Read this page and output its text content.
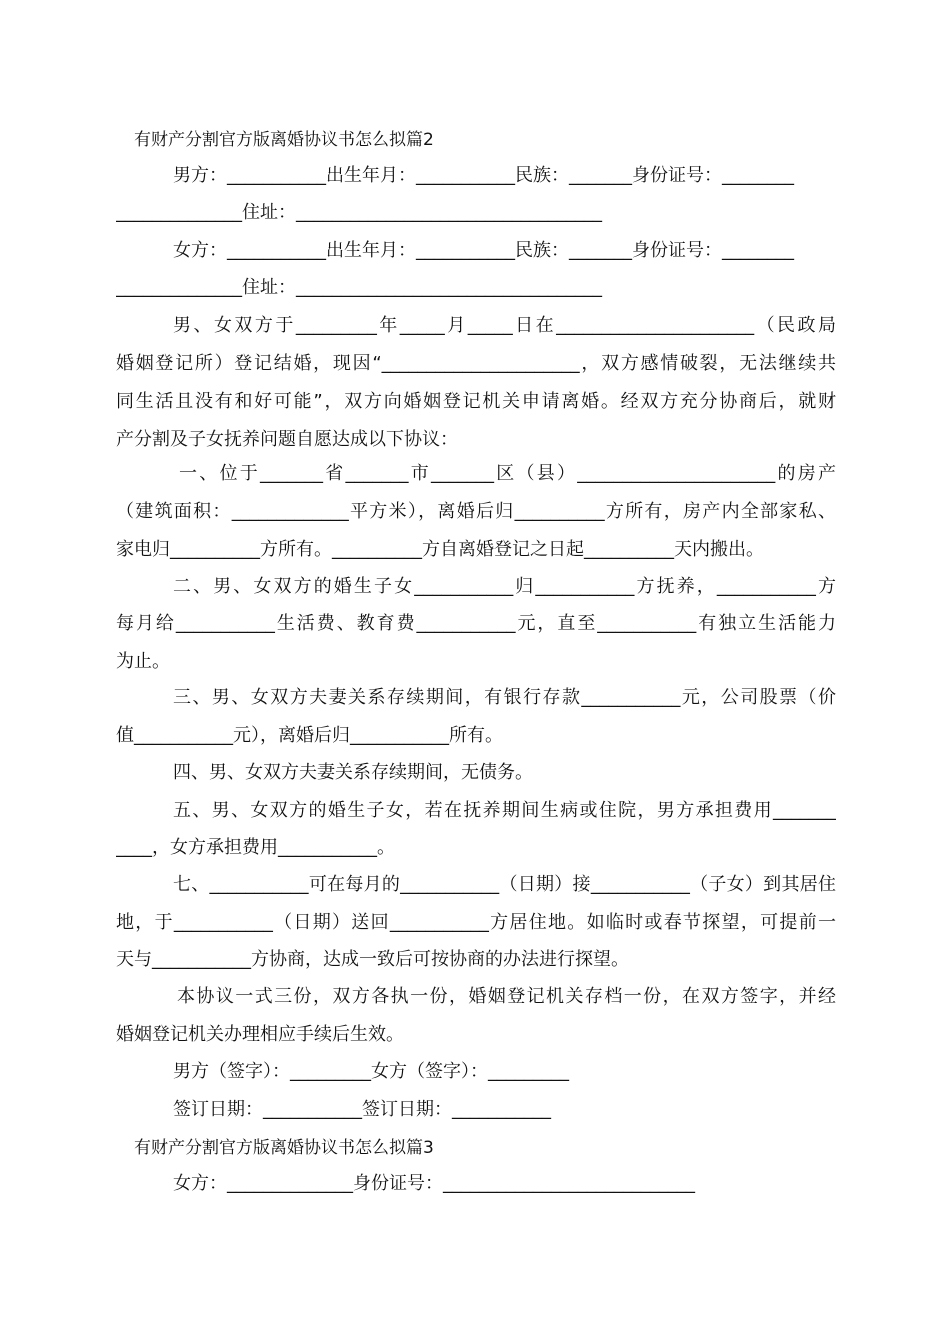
有财产分割官方版离婚协议书怎么拟篇2
男方：___________出生年月：___________民族：_______身份证号：________
______________住址：__________________________________
女方：___________出生年月：___________民族：_______身份证号：________
______________住址：__________________________________
男、女双方于_________年_____月_____日在______________________（民政局
婚姻登记所）登记结婚，现因“______________________，双方感情破裂，无法继续共
同生活且没有和好可能”，双方向婚姻登记机关申请离婚。经双方充分协商后，就财
产分割及子女抚养问题自愿达成以下协议：
一、位于_______省_______市_______区（县）______________________的房产
（建筑面积：_____________平方米），离婚后归__________方所有，房产内全部家私、
家电归__________方所有。__________方自离婚登记之日起__________天内搬出。
二、男、女双方的婚生子女___________归___________方抚养，___________方
每月给___________生活费、教育费___________元，直至___________有独立生活能力
为止。
三、男、女双方夫妻关系存续期间，有银行存款___________元，公司股票（价
值___________元），离婚后归___________所有。
四、男、女双方夫妻关系存续期间，无债务。
五、男、女双方的婚生子女，若在抚养期间生病或住院，男方承担费用_______
____，女方承担费用___________。
七、___________可在每月的___________（日期）接___________（子女）到其居住
地，于___________（日期）送回___________方居住地。如临时或春节探望，可提前一
天与___________方协商，达成一致后可按协商的办法进行探望。
本协议一式三份，双方各执一份，婚姻登记机关存档一份，在双方签字，并经
婚姻登记机关办理相应手续后生效。
男方（签字）：_________女方（签字）：_________
签订日期：___________签订日期：___________
有财产分割官方版离婚协议书怎么拟篇3
女方：______________身份证号：____________________________
